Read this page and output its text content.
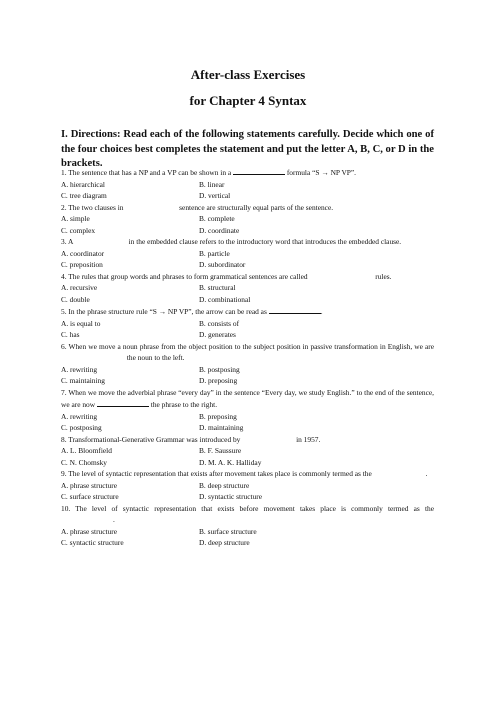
After-class Exercises
for Chapter 4 Syntax
I. Directions: Read each of the following statements carefully. Decide which one of the four choices best completes the statement and put the letter A, B, C, or D in the brackets.
1. The sentence that has a NP and a VP can be shown in a	formula “S → NP VP”.
A. hierarchical	B. linear
C. tree diagram	D. vertical
2. The two clauses in	sentence are structurally equal parts of the sentence.
A. simple	B. complete
C. complex	D. coordinate
3. A	in the embedded clause refers to the introductory word that introduces the embedded clause.
A. coordinator	B. particle
C. preposition	D. subordinator
4. The rules that group words and phrases to form grammatical sentences are called	rules.
A. recursive	B. structural
C. double	D. combinational
5. In the phrase structure rule “S → NP VP”, the arrow can be read as	.
A. is equal to	B. consists of
C. has	D. generates
6. When we move a noun phrase from the object position to the subject position in passive transformation in English, we are  the noun to the left.
A. rewriting	B. postposing
C. maintaining	D. preposing
7. When we move the adverbial phrase “every day” in the sentence “Every day, we study English.” to the end of the sentence, we are now	the phrase to the right.
A. rewriting	B. preposing
C. postposing	D. maintaining
8. Transformational-Generative Grammar was introduced by	in 1957.
A. L. Bloomfield	B. F. Saussure
C. N. Chomsky	D. M. A. K. Halliday
9. The level of syntactic representation that exists after movement takes place is commonly termed as the	.
A. phrase structure	B. deep structure
C. surface structure	D. syntactic structure
10. The level of syntactic representation that exists before movement takes place is commonly termed as the .
A. phrase structure	B. surface structure
C. syntactic structure	D. deep structure
